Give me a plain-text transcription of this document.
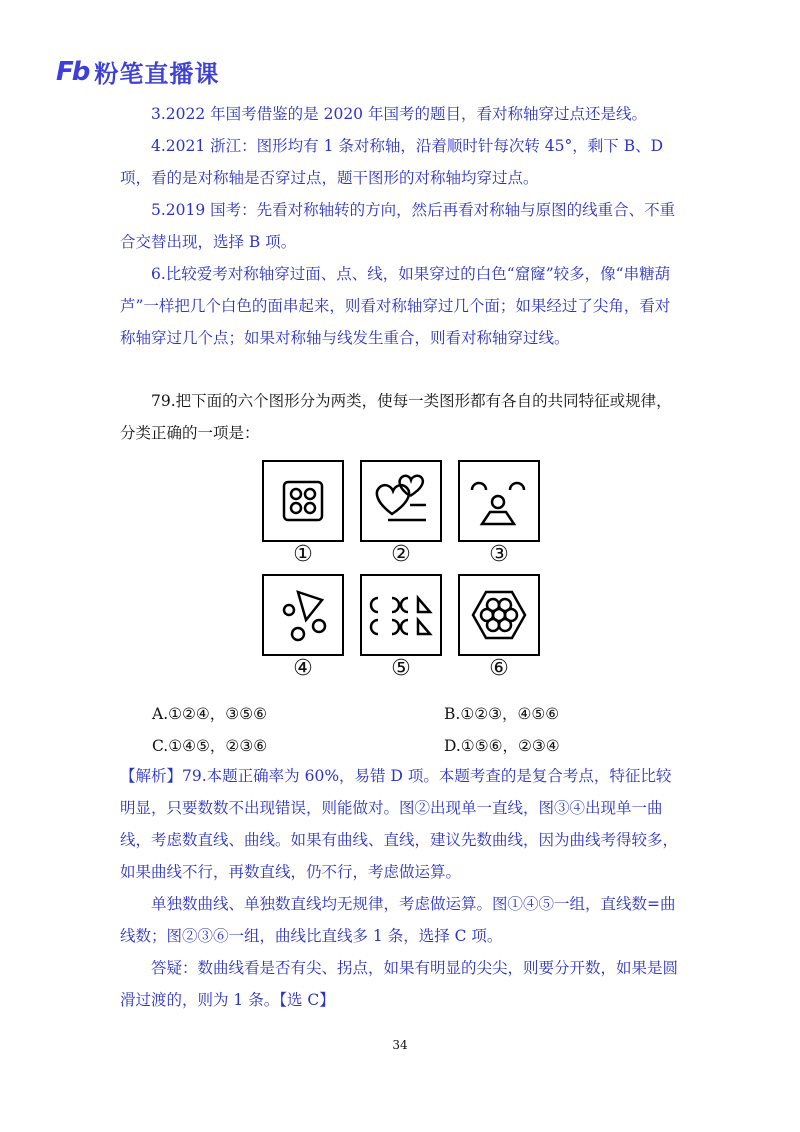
Fb 粉笔直播课
3.2022 年国考借鉴的是 2020 年国考的题目，看对称轴穿过点还是线。
4.2021 浙江：图形均有 1 条对称轴，沿着顺时针每次转 45°，剩下 B、D 项，看的是对称轴是否穿过点，题干图形的对称轴均穿过点。
5.2019 国考：先看对称轴转的方向，然后再看对称轴与原图的线重合、不重合交替出现，选择 B 项。
6.比较爱考对称轴穿过面、点、线，如果穿过的白色“窟窿”较多，像“串糖葫芦”一样把几个白色的面串起来，则看对称轴穿过几个面；如果经过了尖角，看对称轴穿过几个点；如果对称轴与线发生重合，则看对称轴穿过线。
79.把下面的六个图形分为两类，使每一类图形都有各自的共同特征或规律，分类正确的一项是：
①	②	③
④	⑤	⑥
A.①②④，③⑤⑥	B.①②③，④⑤⑥
C.①④⑤，②③⑥	D.①⑤⑥，②③④
【解析】79.本题正确率为 60%，易错 D 项。本题考查的是复合考点，特征比较明显，只要数数不出现错误，则能做对。图②出现单一直线，图③④出现单一曲线，考虑数直线、曲线。如果有曲线、直线，建议先数曲线，因为曲线考得较多，如果曲线不行，再数直线，仍不行，考虑做运算。
单独数曲线、单独数直线均无规律，考虑做运算。图①④⑤一组，直线数=曲线数；图②③⑥一组，曲线比直线多 1 条，选择 C 项。
答疑：数曲线看是否有尖、拐点，如果有明显的尖尖，则要分开数，如果是圆滑过渡的，则为 1 条。【选 C】
34
